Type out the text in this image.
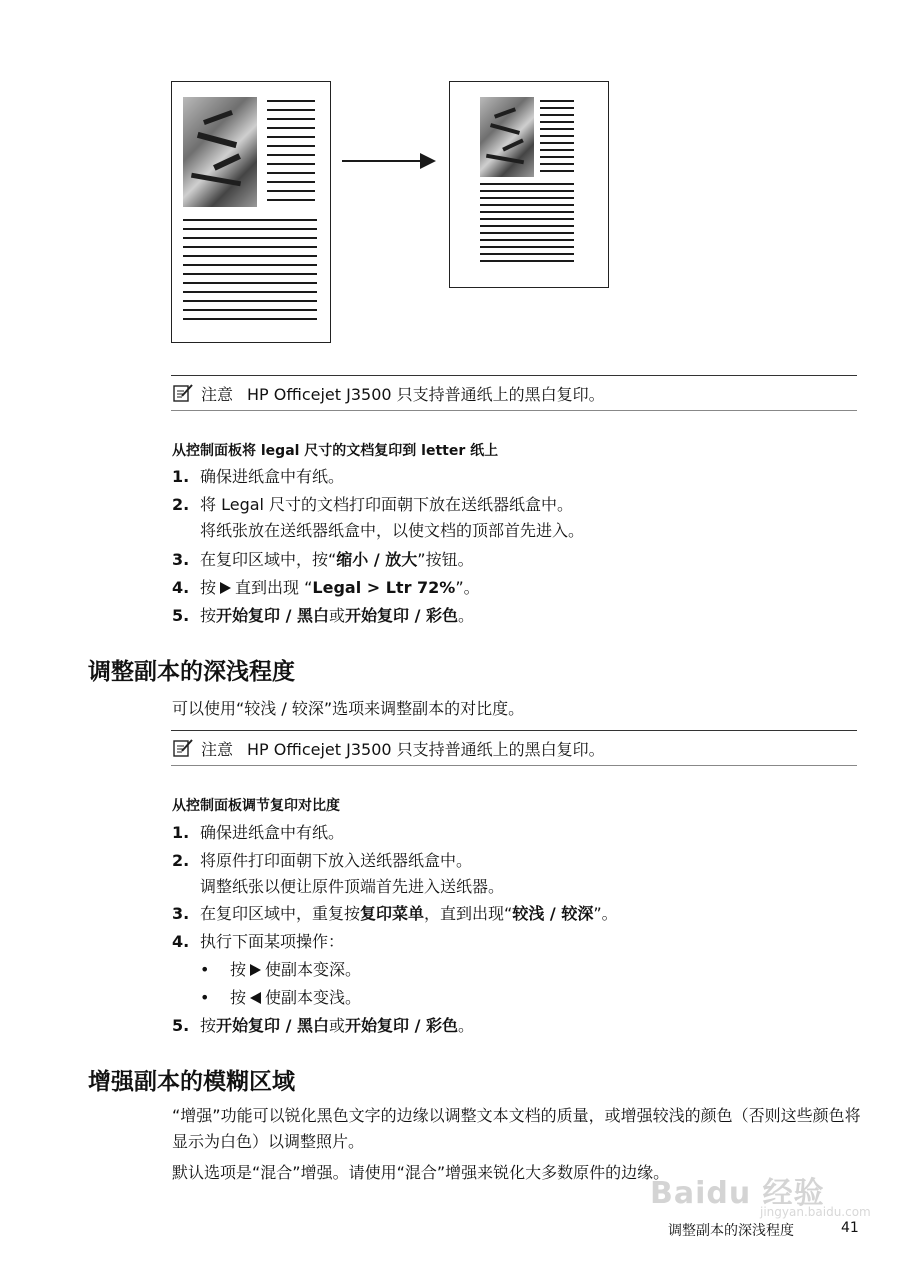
注意 HP Officejet J3500 只支持普通纸上的黑白复印。
从控制面板将 legal 尺寸的文档复印到 letter 纸上
1. 确保进纸盒中有纸。
2. 将 Legal 尺寸的文档打印面朝下放在送纸器纸盒中。
将纸张放在送纸器纸盒中，以使文档的顶部首先进入。
3. 在复印区域中，按“缩小 / 放大”按钮。
4. 按 直到出现 “Legal > Ltr 72%”。
5. 按开始复印 / 黑白或开始复印 / 彩色。
调整副本的深浅程度
可以使用“较浅 / 较深”选项来调整副本的对比度。
注意 HP Officejet J3500 只支持普通纸上的黑白复印。
从控制面板调节复印对比度
1. 确保进纸盒中有纸。
2. 将原件打印面朝下放入送纸器纸盒中。
调整纸张以便让原件顶端首先进入送纸器。
3. 在复印区域中，重复按复印菜单，直到出现“较浅 / 较深”。
4. 执行下面某项操作：
• 按 使副本变深。
• 按 使副本变浅。
5. 按开始复印 / 黑白或开始复印 / 彩色。
增强副本的模糊区域
“增强”功能可以锐化黑色文字的边缘以调整文本文档的质量，或增强较浅的颜色（否则这些颜色将显示为白色）以调整照片。
默认选项是“混合”增强。请使用“混合”增强来锐化大多数原件的边缘。
Baidu 经验
jingyan.baidu.com
调整副本的深浅程度	41
